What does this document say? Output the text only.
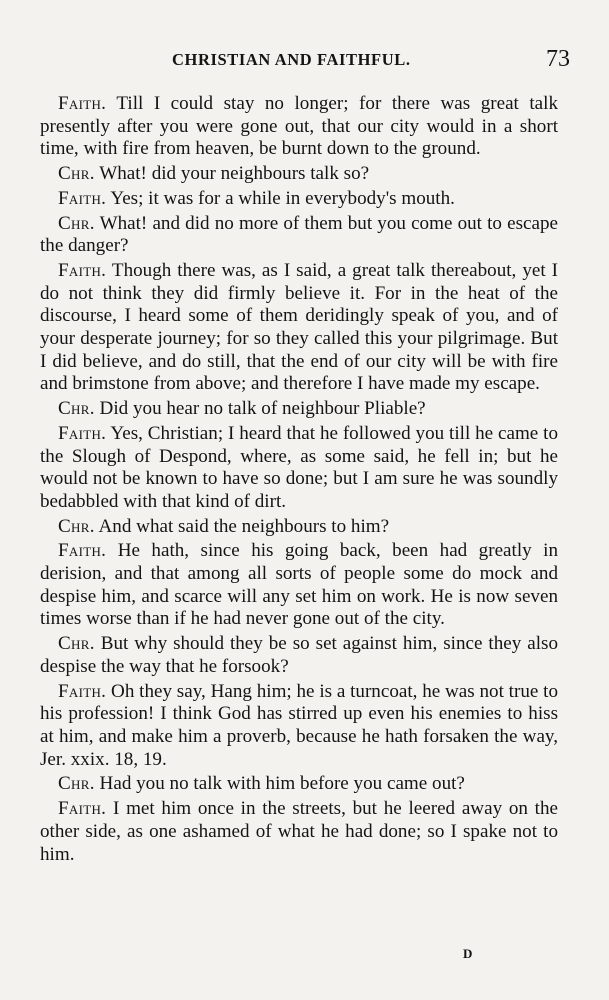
CHRISTIAN AND FAITHFUL.	73

Faith. Till I could stay no longer; for there was great talk presently after you were gone out, that our city would in a short time, with fire from heaven, be burnt down to the ground.

Chr. What! did your neighbours talk so?

Faith. Yes; it was for a while in everybody's mouth.

Chr. What! and did no more of them but you come out to escape the danger?

Faith. Though there was, as I said, a great talk thereabout, yet I do not think they did firmly believe it. For in the heat of the discourse, I heard some of them deridingly speak of you, and of your desperate journey; for so they called this your pilgrimage. But I did believe, and do still, that the end of our city will be with fire and brimstone from above; and therefore I have made my escape.

Chr. Did you hear no talk of neighbour Pliable?

Faith. Yes, Christian; I heard that he followed you till he came to the Slough of Despond, where, as some said, he fell in; but he would not be known to have so done; but I am sure he was soundly bedabbled with that kind of dirt.

Chr. And what said the neighbours to him?

Faith. He hath, since his going back, been had greatly in derision, and that among all sorts of people some do mock and despise him, and scarce will any set him on work. He is now seven times worse than if he had never gone out of the city.

Chr. But why should they be so set against him, since they also despise the way that he forsook?

Faith. Oh they say, Hang him; he is a turncoat, he was not true to his profession! I think God has stirred up even his enemies to hiss at him, and make him a proverb, because he hath forsaken the way, Jer. xxix. 18, 19.

Chr. Had you no talk with him before you came out?

Faith. I met him once in the streets, but he leered away on the other side, as one ashamed of what he had done; so I spake not to him.

D
